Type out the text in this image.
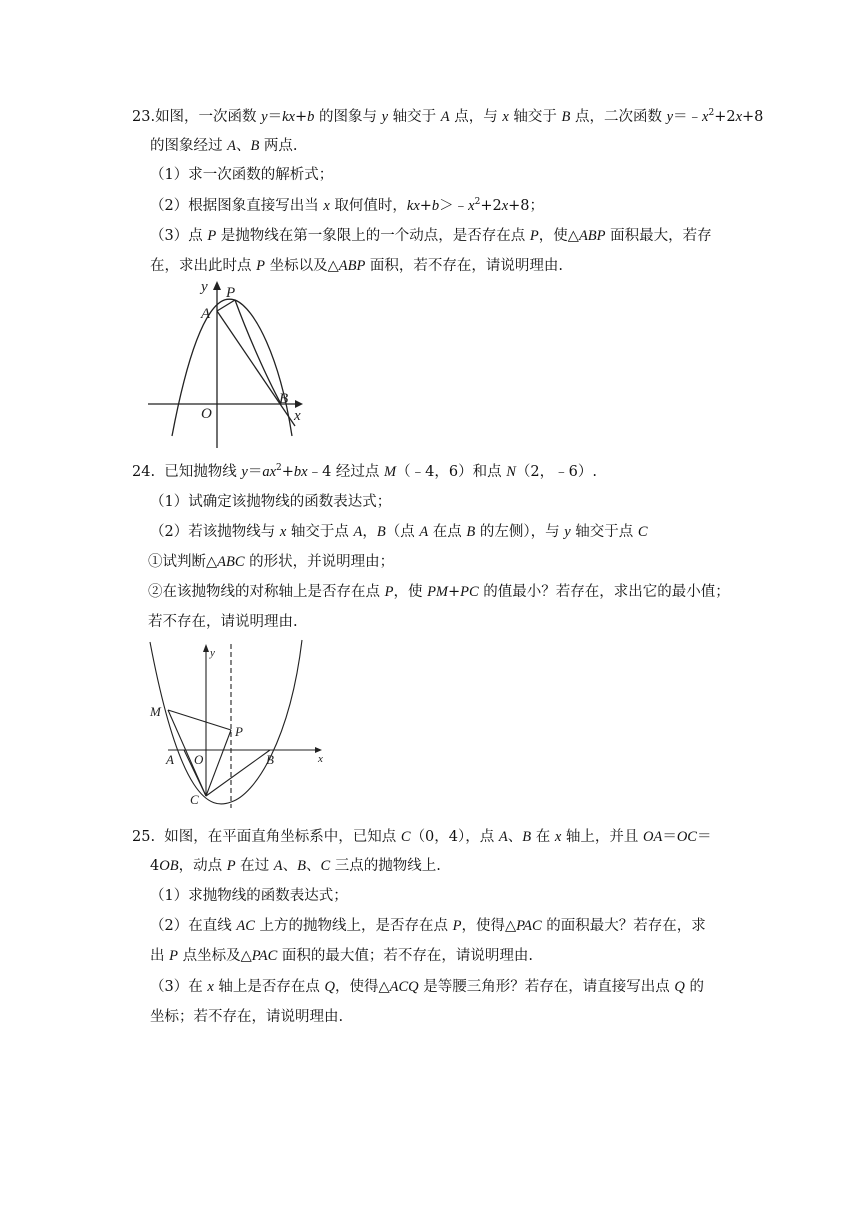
23.如图，一次函数 y＝kx+b 的图象与 y 轴交于 A 点，与 x 轴交于 B 点，二次函数 $y=﹣x^2+2x+8$
的图象经过 A、B 两点.
（1）求一次函数的解析式；
（2）根据图象直接写出当 x 取何值时，$kx+b>﹣x^2+2x+8$；
（3）点 P 是抛物线在第一象限上的一个动点，是否存在点 P，使△ABP 面积最大，若存
在，求出此时点 P 坐标以及△ABP 面积，若不存在，请说明理由.
y P
A
B
O	x
24. 已知抛物线 $y=ax^2+bx﹣4$ 经过点 M（﹣4，6）和点 N（2，﹣6）.
（1）试确定该抛物线的函数表达式；
（2）若该抛物线与 x 轴交于点 A，B（点 A 在点 B 的左侧），与 y 轴交于点 C
①试判断△ABC 的形状，并说明理由；
②在该抛物线的对称轴上是否存在点 P，使 PM+PC 的值最小？若存在，求出它的最小值；
若不存在，请说明理由.
y
M
P
A O	B	x
C
25. 如图，在平面直角坐标系中，已知点 C（0，4），点 A、B 在 x 轴上，并且 OA＝OC＝
4OB，动点 P 在过 A、B、C 三点的抛物线上.
（1）求抛物线的函数表达式；
（2）在直线 AC 上方的抛物线上，是否存在点 P，使得△PAC 的面积最大？若存在，求
出 P 点坐标及△PAC 面积的最大值；若不存在，请说明理由.
（3）在 x 轴上是否存在点 Q，使得△ACQ 是等腰三角形？若存在，请直接写出点 Q 的
坐标；若不存在，请说明理由.
